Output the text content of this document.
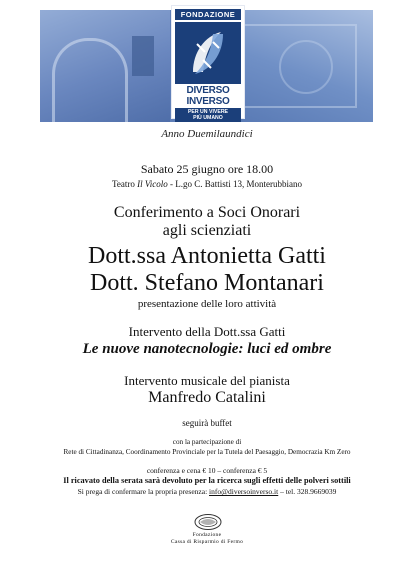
FONDAZIONE
DIVERSO
INVERSO
PER UN VIVERE
PIÙ UMANO
Anno Duemilaundici
Sabato 25 giugno ore 18.00
Teatro Il Vicolo - L.go C. Battisti 13, Monterubbiano
Conferimento a Soci Onorari
agli scienziati
Dott.ssa Antonietta Gatti
Dott. Stefano Montanari
presentazione delle loro attività
Intervento della Dott.ssa Gatti
Le nuove nanotecnologie: luci ed ombre
Intervento musicale del pianista
Manfredo Catalini
seguirà buffet
con la partecipazione di
Rete di Cittadinanza, Coordinamento Provinciale per la Tutela del Paesaggio, Democrazia Km Zero
conferenza e cena € 10 – conferenza € 5
Il ricavato della serata sarà devoluto per la ricerca sugli effetti delle polveri sottili
Si prega di confermare la propria presenza: info@diversoinverso.it – tel. 328.9669039
Fondazione
Cassa di Risparmio di Fermo
